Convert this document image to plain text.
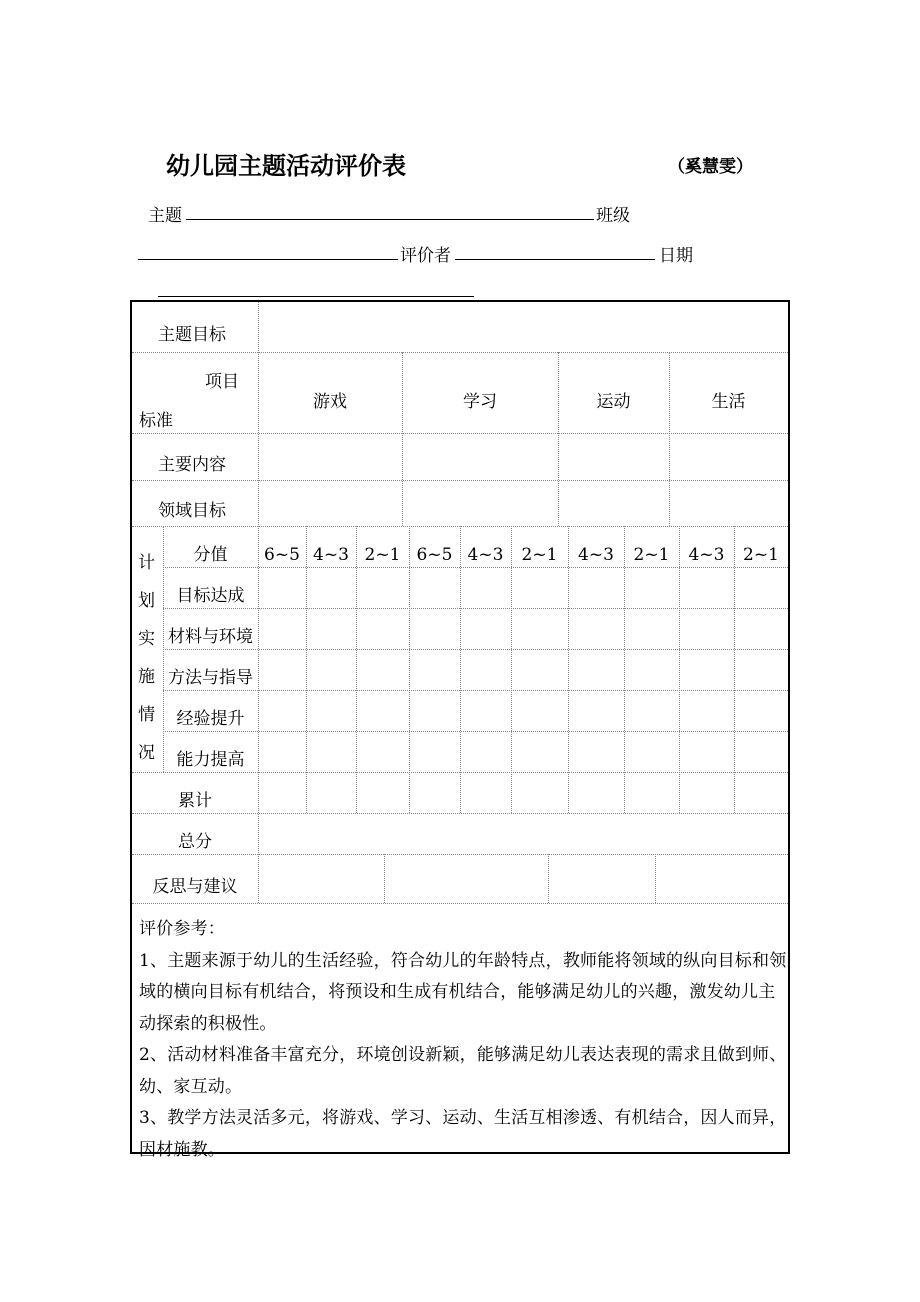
幼儿园主题活动评价表	（奚慧雯）
主题	班级
评价者	日期
主题目标
项目
标准
游戏	学习	运动	生活
主要内容
领域目标
计
划
实
施
情
况
分值	6~5 4~3 2~1 6~5 4~3	2~1	4~3	2~1	4~3	2~1
目标达成
材料与环境
方法与指导
经验提升
能力提高
累计
总分
反思与建议

评价参考：

1、主题来源于幼儿的生活经验，符合幼儿的年龄特点，教师能将领域的纵向目标和领域的横向目标有机结合，将预设和生成有机结合，能够满足幼儿的兴趣，激发幼儿主动探索的积极性。

2、活动材料准备丰富充分，环境创设新颖，能够满足幼儿表达表现的需求且做到师、幼、家互动。

3、教学方法灵活多元，将游戏、学习、运动、生活互相渗透、有机结合，因人而异，因材施教。
